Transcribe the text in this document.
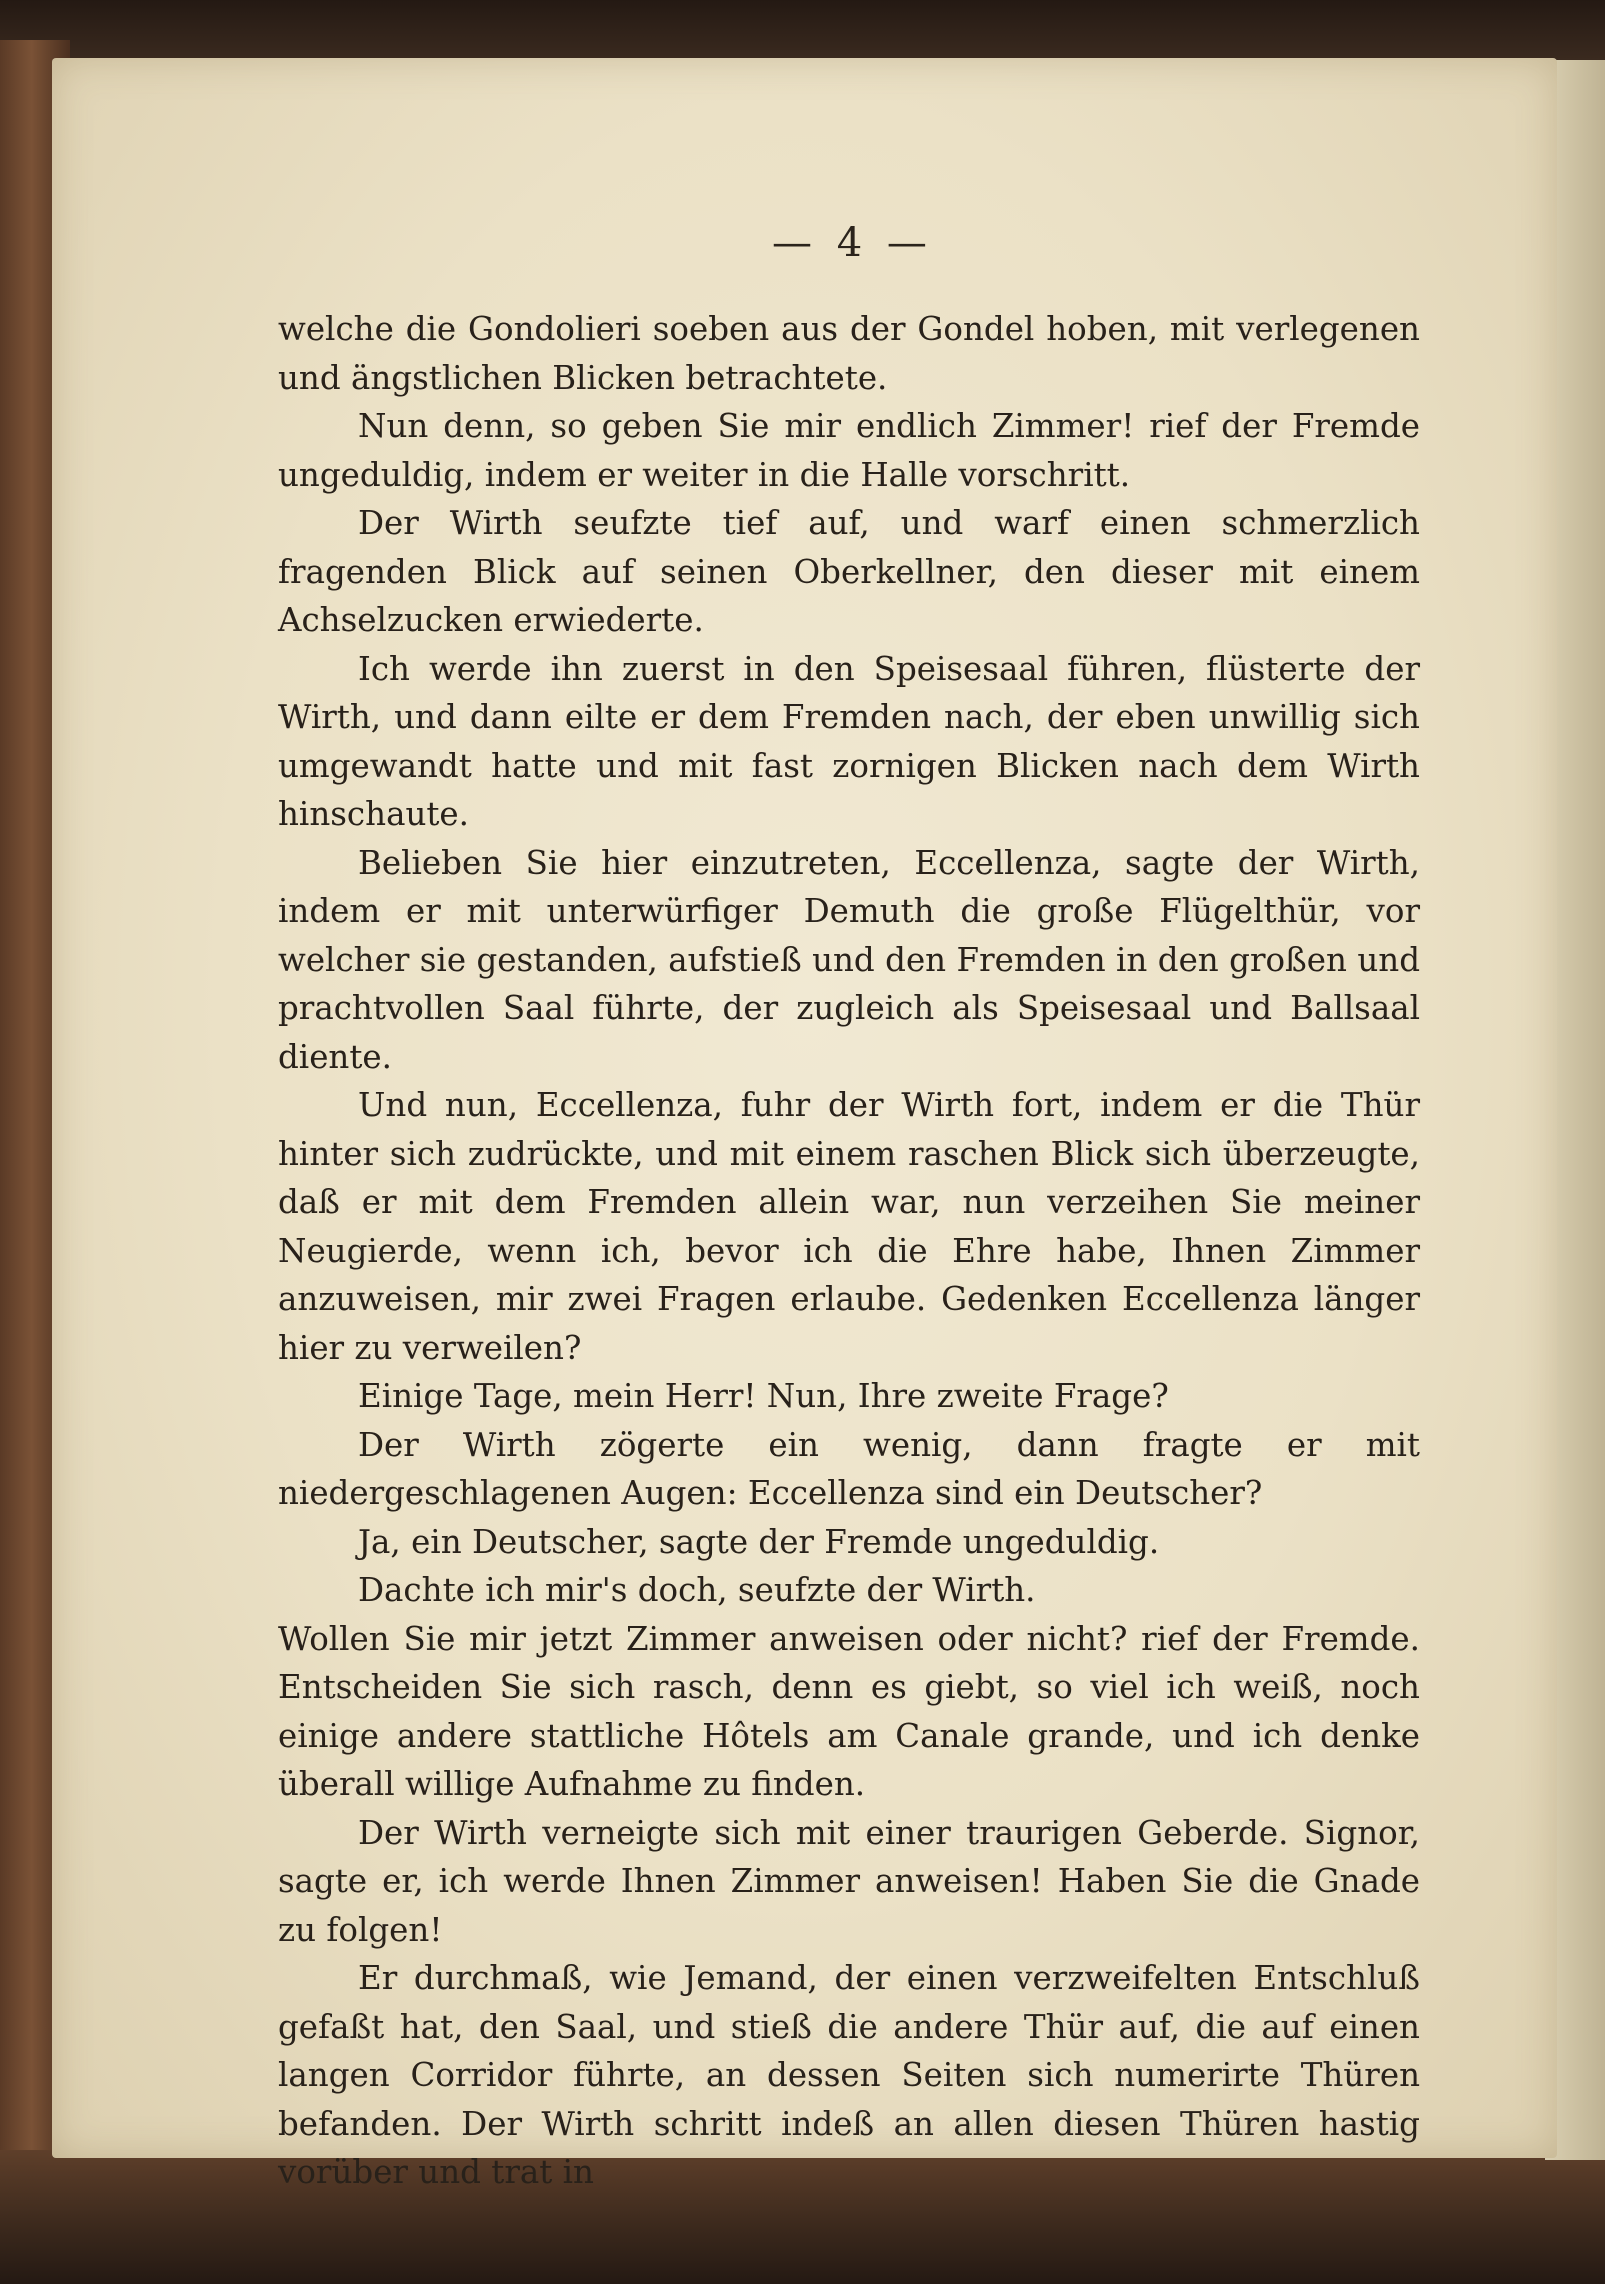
— 4 —

welche die Gondolieri soeben aus der Gondel hoben, mit verlegenen und ängstlichen Blicken betrachtete.

Nun denn, so geben Sie mir endlich Zimmer! rief der Fremde ungeduldig, indem er weiter in die Halle vorschritt.

Der Wirth seufzte tief auf, und warf einen schmerzlich fragenden Blick auf seinen Oberkellner, den dieser mit einem Achselzucken erwiederte.

Ich werde ihn zuerst in den Speisesaal führen, flüsterte der Wirth, und dann eilte er dem Fremden nach, der eben unwillig sich umgewandt hatte und mit fast zornigen Blicken nach dem Wirth hinschaute.

Belieben Sie hier einzutreten, Eccellenza, sagte der Wirth, indem er mit unterwürfiger Demuth die große Flügelthür, vor welcher sie gestanden, aufstieß und den Fremden in den großen und prachtvollen Saal führte, der zugleich als Speisesaal und Ballsaal diente.

Und nun, Eccellenza, fuhr der Wirth fort, indem er die Thür hinter sich zudrückte, und mit einem raschen Blick sich überzeugte, daß er mit dem Fremden allein war, nun verzeihen Sie meiner Neugierde, wenn ich, bevor ich die Ehre habe, Ihnen Zimmer anzuweisen, mir zwei Fragen erlaube. Gedenken Eccellenza länger hier zu verweilen?

Einige Tage, mein Herr! Nun, Ihre zweite Frage?

Der Wirth zögerte ein wenig, dann fragte er mit niedergeschlagenen Augen: Eccellenza sind ein Deutscher?

Ja, ein Deutscher, sagte der Fremde ungeduldig.

Dachte ich mir's doch, seufzte der Wirth.

Wollen Sie mir jetzt Zimmer anweisen oder nicht? rief der Fremde. Entscheiden Sie sich rasch, denn es giebt, so viel ich weiß, noch einige andere stattliche Hôtels am Canale grande, und ich denke überall willige Aufnahme zu finden.

Der Wirth verneigte sich mit einer traurigen Geberde. Signor, sagte er, ich werde Ihnen Zimmer anweisen! Haben Sie die Gnade zu folgen!

Er durchmaß, wie Jemand, der einen verzweifelten Entschluß gefaßt hat, den Saal, und stieß die andere Thür auf, die auf einen langen Corridor führte, an dessen Seiten sich numerirte Thüren befanden. Der Wirth schritt indeß an allen diesen Thüren hastig vorüber und trat in
